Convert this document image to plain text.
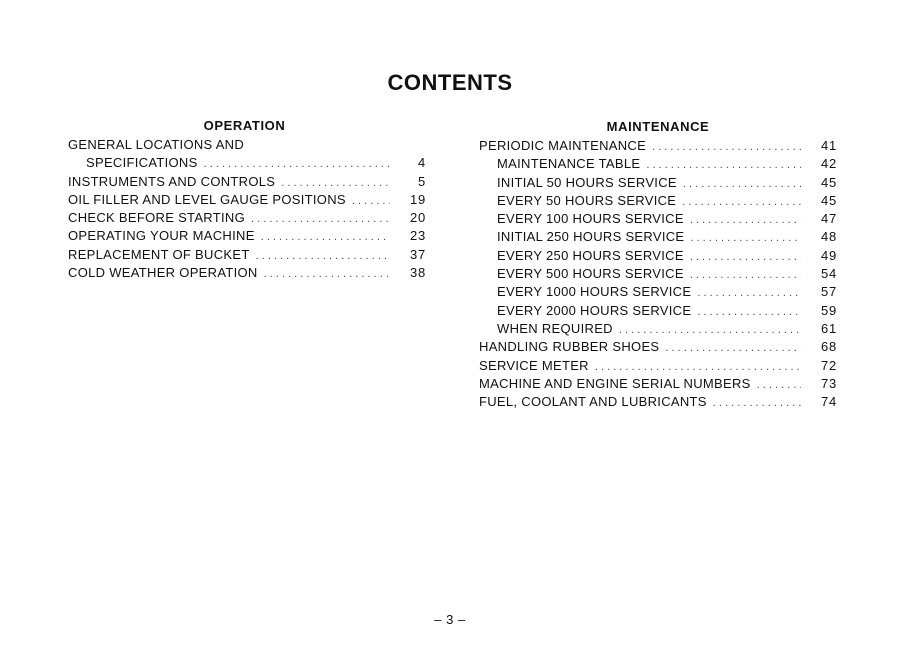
CONTENTS
OPERATION
GENERAL LOCATIONS AND
SPECIFICATIONS . . .	4
INSTRUMENTS AND CONTROLS . . .	5
OIL FILLER AND LEVEL GAUGE POSITIONS . . .	19
CHECK BEFORE STARTING . . .	20
OPERATING YOUR MACHINE . . .	23
REPLACEMENT OF BUCKET . . .	37
COLD WEATHER OPERATION . . .	38
MAINTENANCE
PERIODIC MAINTENANCE . . .	41
MAINTENANCE TABLE . . .	42
INITIAL 50 HOURS SERVICE . . .	45
EVERY 50 HOURS SERVICE . . .	45
EVERY 100 HOURS SERVICE . . .	47
INITIAL 250 HOURS SERVICE . . .	48
EVERY 250 HOURS SERVICE . . .	49
EVERY 500 HOURS SERVICE . . .	54
EVERY 1000 HOURS SERVICE . . .	57
EVERY 2000 HOURS SERVICE . . .	59
WHEN REQUIRED . . .	61
HANDLING RUBBER SHOES . . .	68
SERVICE METER . . .	72
MACHINE AND ENGINE SERIAL NUMBERS . . .	73
FUEL, COOLANT AND LUBRICANTS . . .	74
– 3 –
